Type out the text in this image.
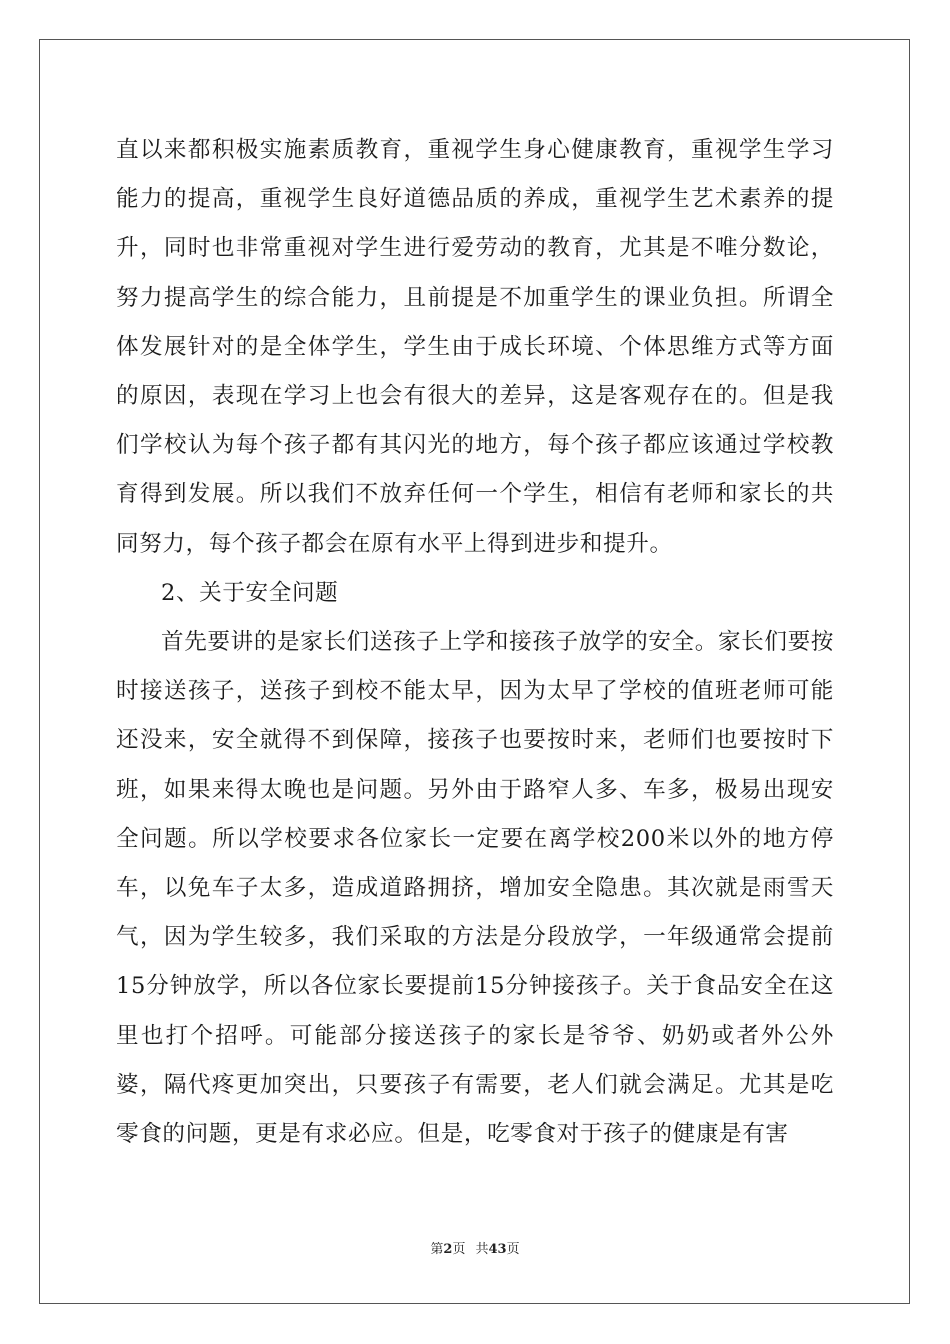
直以来都积极实施素质教育，重视学生身心健康教育，重视学生学习能力的提高，重视学生良好道德品质的养成，重视学生艺术素养的提升，同时也非常重视对学生进行爱劳动的教育，尤其是不唯分数论，努力提高学生的综合能力，且前提是不加重学生的课业负担。所谓全体发展针对的是全体学生，学生由于成长环境、个体思维方式等方面的原因，表现在学习上也会有很大的差异，这是客观存在的。但是我们学校认为每个孩子都有其闪光的地方，每个孩子都应该通过学校教育得到发展。所以我们不放弃任何一个学生，相信有老师和家长的共同努力，每个孩子都会在原有水平上得到进步和提升。

2、关于安全问题

首先要讲的是家长们送孩子上学和接孩子放学的安全。家长们要按时接送孩子，送孩子到校不能太早，因为太早了学校的值班老师可能还没来，安全就得不到保障，接孩子也要按时来，老师们也要按时下班，如果来得太晚也是问题。另外由于路窄人多、车多，极易出现安全问题。所以学校要求各位家长一定要在离学校200米以外的地方停车，以免车子太多，造成道路拥挤，增加安全隐患。其次就是雨雪天气，因为学生较多，我们采取的方法是分段放学，一年级通常会提前15分钟放学，所以各位家长要提前15分钟接孩子。关于食品安全在这里也打个招呼。可能部分接送孩子的家长是爷爷、奶奶或者外公外婆，隔代疼更加突出，只要孩子有需要，老人们就会满足。尤其是吃零食的问题，更是有求必应。但是，吃零食对于孩子的健康是有害

第2页 共43页
